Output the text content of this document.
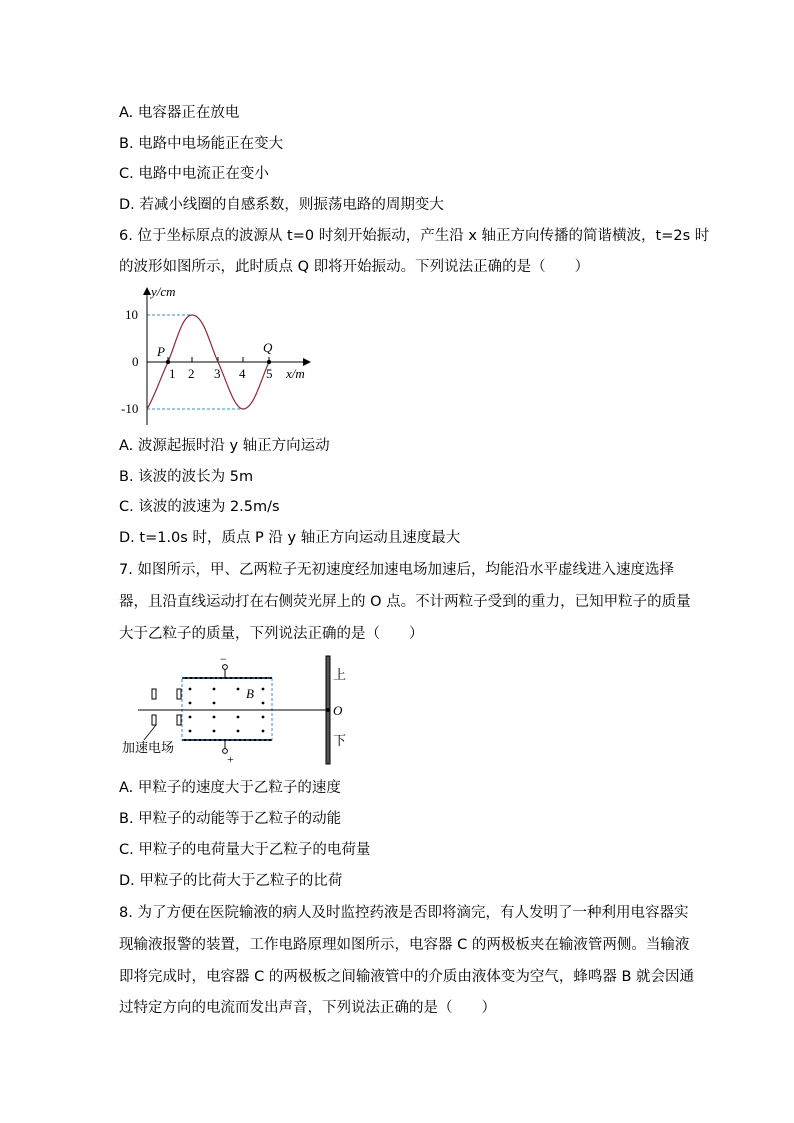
A. 电容器正在放电
B. 电路中电场能正在变大
C. 电路中电流正在变小
D. 若减小线圈的自感系数，则振荡电路的周期变大
6. 位于坐标原点的波源从 t=0 时刻开始振动，产生沿 x 轴正方向传播的简谐横波，t=2s 时
的波形如图所示，此时质点 Q 即将开始振动。下列说法正确的是（　　）
y/cm
x/m
10
0
-10
1 2 3 4 5
P	Q
A. 波源起振时沿 y 轴正方向运动
B. 该波的波长为 5m
C. 该波的波速为 2.5m/s
D. t=1.0s 时，质点 P 沿 y 轴正方向运动且速度最大
7. 如图所示，甲、乙两粒子无初速度经加速电场加速后，均能沿水平虚线进入速度选择
器，且沿直线运动打在右侧荧光屏上的 O 点。不计两粒子受到的重力，已知甲粒子的质量
大于乙粒子的质量，下列说法正确的是（　　）
−
+
B
上
O
下
加速电场
A. 甲粒子的速度大于乙粒子的速度
B. 甲粒子的动能等于乙粒子的动能
C. 甲粒子的电荷量大于乙粒子的电荷量
D. 甲粒子的比荷大于乙粒子的比荷
8. 为了方便在医院输液的病人及时监控药液是否即将滴完，有人发明了一种利用电容器实
现输液报警的装置，工作电路原理如图所示，电容器 C 的两极板夹在输液管两侧。当输液
即将完成时，电容器 C 的两极板之间输液管中的介质由液体变为空气，蜂鸣器 B 就会因通
过特定方向的电流而发出声音，下列说法正确的是（　　）
